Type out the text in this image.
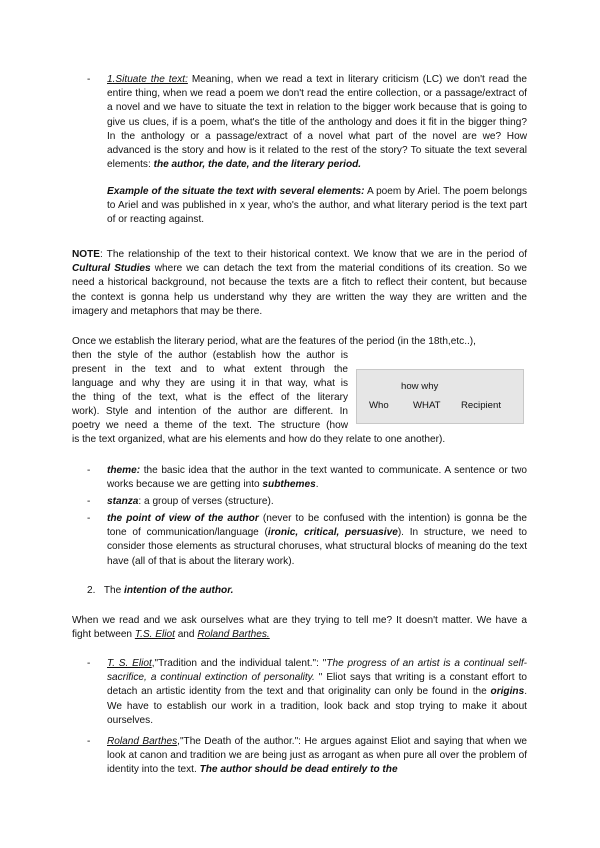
- 1.Situate the text: Meaning, when we read a text in literary criticism (LC) we don't read the entire thing, when we read a poem we don't read the entire collection, or a passage/extract of a novel and we have to situate the text in relation to the bigger work because that is going to give us clues, if is a poem, what's the title of the anthology and does it fit in the bigger thing? In the anthology or a passage/extract of a novel what part of the novel are we? How advanced is the story and how is it related to the rest of the story? To situate the text several elements: the author, the date, and the literary period.

Example of the situate the text with several elements: A poem by Ariel. The poem belongs to Ariel and was published in x year, who's the author, and what literary period is the text part of or reacting against.

NOTE: The relationship of the text to their historical context. We know that we are in the period of Cultural Studies where we can detach the text from the material conditions of its creation. So we need a historical background, not because the texts are a fitch to reflect their content, but because the context is gonna help us understand why they are written the way they are written and the imagery and metaphors that may be there.

Once we establish the literary period, what are the features of the period (in the 18th,etc..),
then the style of the author (establish how the author is
present in the text and to what extent through the
language and why they are using it in that way, what is
the thing of the text, what is the effect of the literary
work). Style and intention of the author are different. In
poetry we need a theme of the text. The structure (how
is the text organized, what are his elements and how do they relate to one another).
how why
Who	WHAT Recipient
- theme: the basic idea that the author in the text wanted to communicate. A sentence or two works because we are getting into subthemes.

- stanza: a group of verses (structure).

- the point of view of the author (never to be confused with the intention) is gonna be the tone of communication/language (ironic, critical, persuasive). In structure, we need to consider those elements as structural choruses, what structural blocks of meaning do the text have (all of that is about the literary work).

2. The intention of the author.

When we read and we ask ourselves what are they trying to tell me? It doesn't matter. We have a fight between T.S. Eliot and Roland Barthes.

- T. S. Eliot,"Tradition and the individual talent.": "The progress of an artist is a continual self-sacrifice, a continual extinction of personality. " Eliot says that writing is a constant effort to detach an artistic identity from the text and that originality can only be found in the origins. We have to establish our work in a tradition, look back and stop trying to make it about ourselves.

- Roland Barthes,"The Death of the author.": He argues against Eliot and saying that when we look at canon and tradition we are being just as arrogant as when pure all over the problem of identity into the text. The author should be dead entirely to the
